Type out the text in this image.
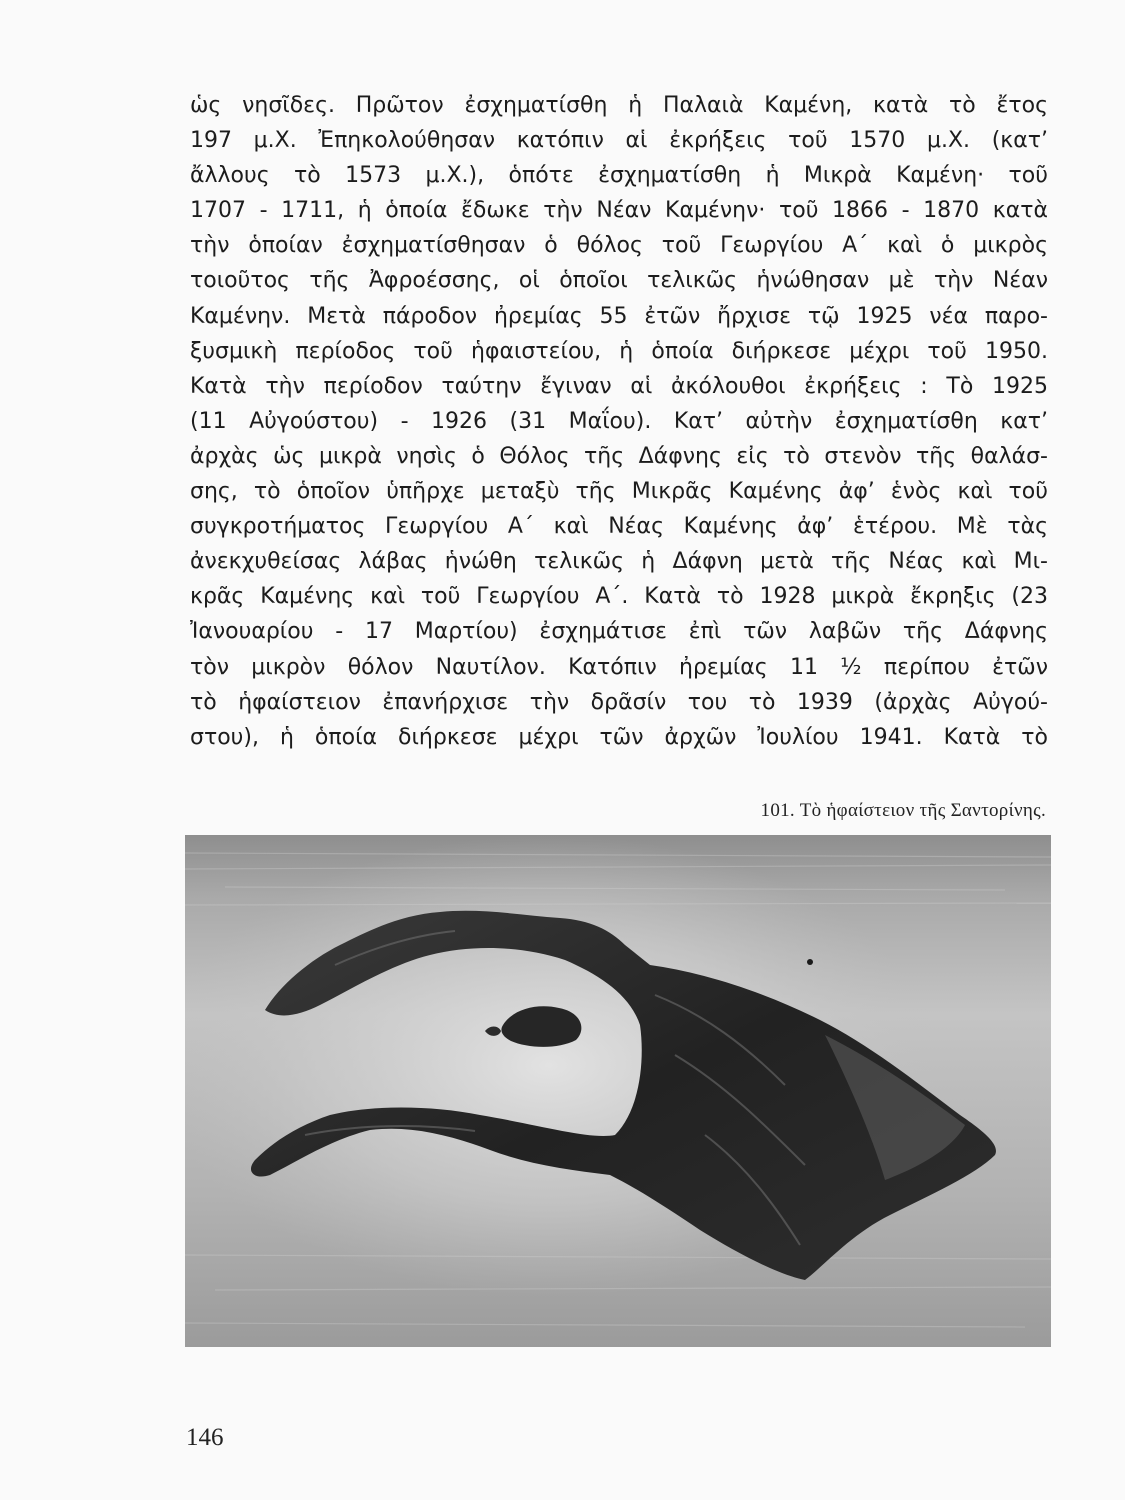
ὡς νησῖδες. Πρῶτον ἐσχηματίσθη ἡ Παλαιὰ Καμένη, κατὰ τὸ ἔτος
197 μ.Χ. Ἐπηκολούθησαν κατόπιν αἱ ἐκρήξεις τοῦ 1570 μ.Χ. (κατ’
ἄλλους τὸ 1573 μ.Χ.), ὁπότε ἐσχηματίσθη ἡ Μικρὰ Καμένη· τοῦ
1707 - 1711, ἡ ὁποία ἔδωκε τὴν Νέαν Καμένην· τοῦ 1866 - 1870 κατὰ
τὴν ὁποίαν ἐσχηματίσθησαν ὁ θόλος τοῦ Γεωργίου Α΄ καὶ ὁ μικρὸς
τοιοῦτος τῆς Ἀφροέσσης, οἱ ὁποῖοι τελικῶς ἡνώθησαν μὲ τὴν Νέαν
Καμένην. Μετὰ πάροδον ἠρεμίας 55 ἐτῶν ἤρχισε τῷ 1925 νέα παρο-
ξυσμικὴ περίοδος τοῦ ἡφαιστείου, ἡ ὁποία διήρκεσε μέχρι τοῦ 1950.
Κατὰ τὴν περίοδον ταύτην ἔγιναν αἱ ἀκόλουθοι ἐκρήξεις : Τὸ 1925
(11 Αὐγούστου) - 1926 (31 Μαΐου). Κατ’ αὐτὴν ἐσχηματίσθη κατ’
ἀρχὰς ὡς μικρὰ νησὶς ὁ Θόλος τῆς Δάφνης εἰς τὸ στενὸν τῆς θαλάσ-
σης, τὸ ὁποῖον ὑπῆρχε μεταξὺ τῆς Μικρᾶς Καμένης ἀφ’ ἑνὸς καὶ τοῦ
συγκροτήματος Γεωργίου Α΄ καὶ Νέας Καμένης ἀφ’ ἑτέρου. Μὲ τὰς
ἀνεκχυθείσας λάβας ἡνώθη τελικῶς ἡ Δάφνη μετὰ τῆς Νέας καὶ Μι-
κρᾶς Καμένης καὶ τοῦ Γεωργίου Α΄. Κατὰ τὸ 1928 μικρὰ ἔκρηξις (23
Ἰανουαρίου - 17 Μαρτίου) ἐσχημάτισε ἐπὶ τῶν λαβῶν τῆς Δάφνης
τὸν μικρὸν θόλον Ναυτίλον. Κατόπιν ἠρεμίας 11 ½ περίπου ἐτῶν
τὸ ἡφαίστειον ἐπανήρχισε τὴν δρᾶσίν του τὸ 1939 (ἀρχὰς Αὐγού-
στου), ἡ ὁποία διήρκεσε μέχρι τῶν ἀρχῶν Ἰουλίου 1941. Κατὰ τὸ
101. Τὸ ἡφαίστειον τῆς Σαντορίνης.
146
